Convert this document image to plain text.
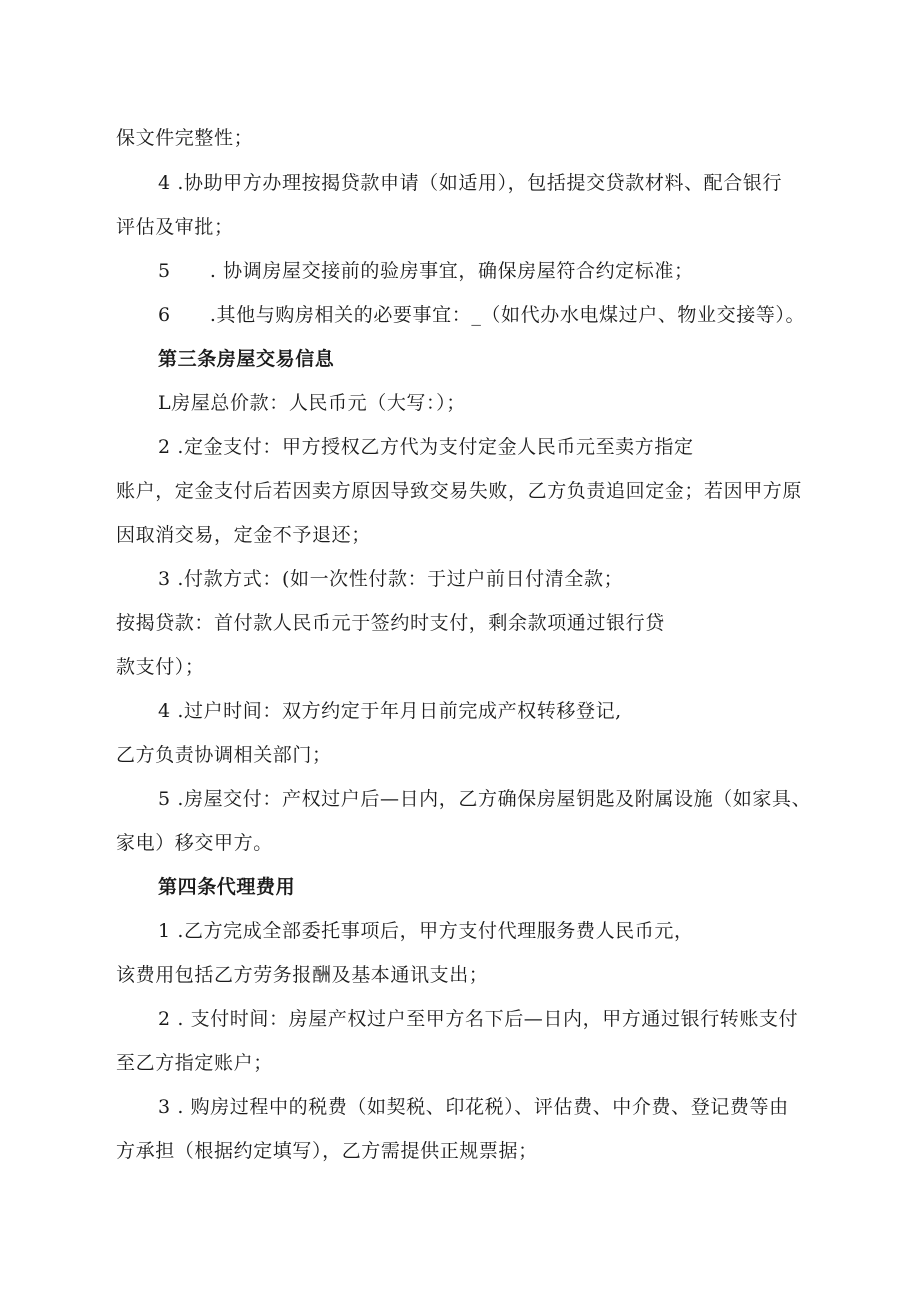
保文件完整性；
4 .协助甲方办理按揭贷款申请（如适用），包括提交贷款材料、配合银行
评估及审批；
5　　. 协调房屋交接前的验房事宜，确保房屋符合约定标准；
6　　.其他与购房相关的必要事宜：_（如代办水电煤过户、物业交接等）。
第三条房屋交易信息
L房屋总价款：人民币元（大写：）；
2 .定金支付：甲方授权乙方代为支付定金人民币元至卖方指定
账户，定金支付后若因卖方原因导致交易失败，乙方负责追回定金；若因甲方原
因取消交易，定金不予退还；
3 .付款方式：(如一次性付款：于过户前日付清全款；
按揭贷款：首付款人民币元于签约时支付，剩余款项通过银行贷
款支付）；
4 .过户时间：双方约定于年月日前完成产权转移登记,
乙方负责协调相关部门；
5 .房屋交付：产权过户后—日内，乙方确保房屋钥匙及附属设施（如家具、
家电）移交甲方。
第四条代理费用
1 .乙方完成全部委托事项后，甲方支付代理服务费人民币元，
该费用包括乙方劳务报酬及基本通讯支出；
2 . 支付时间：房屋产权过户至甲方名下后—日内，甲方通过银行转账支付
至乙方指定账户；
3 . 购房过程中的税费（如契税、印花税）、评估费、中介费、登记费等由
方承担（根据约定填写），乙方需提供正规票据；
